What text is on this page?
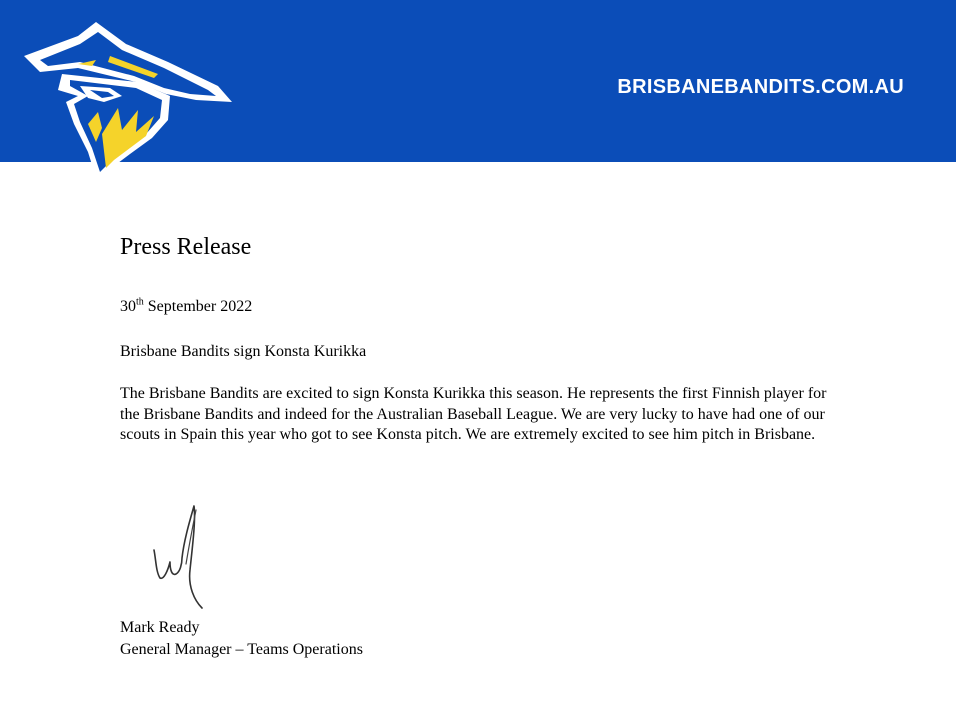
BRISBANEBANDITS.COM.AU
Press Release
30th September 2022
Brisbane Bandits sign Konsta Kurikka

The Brisbane Bandits are excited to sign Konsta Kurikka this season. He represents the first Finnish player for the Brisbane Bandits and indeed for the Australian Baseball League. We are very lucky to have had one of our scouts in Spain this year who got to see Konsta pitch. We are extremely excited to see him pitch in Brisbane.

Mark Ready
General Manager – Teams Operations
